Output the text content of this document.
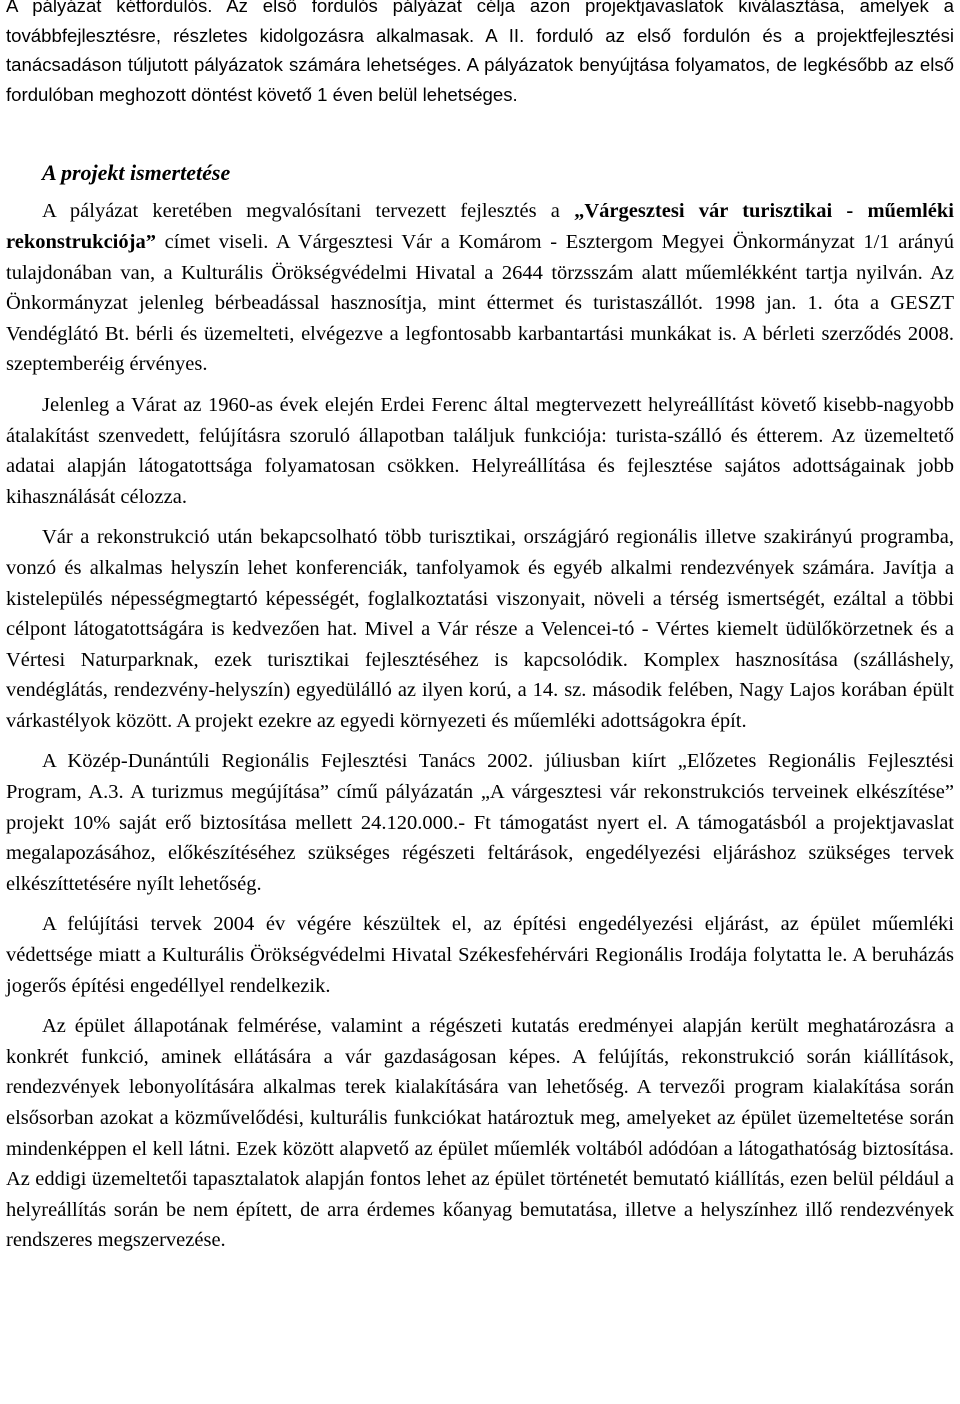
A pályázat kétfordulós. Az első fordulós pályázat célja azon projektjavaslatok kiválasztása, amelyek a továbbfejlesztésre, részletes kidolgozásra alkalmasak. A II. forduló az első fordulón és a projektfejlesztési tanácsadáson túljutott pályázatok számára lehetséges. A pályázatok benyújtása folyamatos, de legkésőbb az első fordulóban meghozott döntést követő 1 éven belül lehetséges.

A projekt ismertetése

A pályázat keretében megvalósítani tervezett fejlesztés a „Várgesztesi vár turisztikai - műemléki rekonstrukciója” címet viseli. A Várgesztesi Vár a Komárom - Esztergom Megyei Önkormányzat 1/1 arányú tulajdonában van, a Kulturális Örökségvédelmi Hivatal a 2644 törzsszám alatt műemlékként tartja nyilván. Az Önkormányzat jelenleg bérbeadással hasznosítja, mint éttermet és turistaszállót. 1998 jan. 1. óta a GESZT Vendéglátó Bt. bérli és üzemelteti, elvégezve a legfontosabb karbantartási munkákat is. A bérleti szerződés 2008. szeptemberéig érvényes.

Jelenleg a Várat az 1960-as évek elején Erdei Ferenc által megtervezett helyreállítást követő kisebb-nagyobb átalakítást szenvedett, felújításra szoruló állapotban találjuk funkciója: turista-szálló és étterem. Az üzemeltető adatai alapján látogatottsága folyamatosan csökken. Helyreállítása és fejlesztése sajátos adottságainak jobb kihasználását célozza.

Vár a rekonstrukció után bekapcsolható több turisztikai, országjáró regionális illetve szakirányú programba, vonzó és alkalmas helyszín lehet konferenciák, tanfolyamok és egyéb alkalmi rendezvények számára. Javítja a kistelepülés népességmegtartó képességét, foglalkoztatási viszonyait, növeli a térség ismertségét, ezáltal a többi célpont látogatottságára is kedvezően hat. Mivel a Vár része a Velencei-tó - Vértes kiemelt üdülőkörzetnek és a Vértesi Naturparknak, ezek turisztikai fejlesztéséhez is kapcsolódik. Komplex hasznosítása (szálláshely, vendéglátás, rendezvény-helyszín) egyedülálló az ilyen korú, a 14. sz. második felében, Nagy Lajos korában épült várkastélyok között. A projekt ezekre az egyedi környezeti és műemléki adottságokra épít.

A Közép-Dunántúli Regionális Fejlesztési Tanács 2002. júliusban kiírt „Előzetes Regionális Fejlesztési Program, A.3. A turizmus megújítása” című pályázatán „A várgesztesi vár rekonstrukciós terveinek elkészítése” projekt 10% saját erő biztosítása mellett 24.120.000.- Ft támogatást nyert el. A támogatásból a projektjavaslat megalapozásához, előkészítéséhez szükséges régészeti feltárások, engedélyezési eljáráshoz szükséges tervek elkészíttetésére nyílt lehetőség.

A felújítási tervek 2004 év végére készültek el, az építési engedélyezési eljárást, az épület műemléki védettsége miatt a Kulturális Örökségvédelmi Hivatal Székesfehérvári Regionális Irodája folytatta le. A beruházás jogerős építési engedéllyel rendelkezik.

Az épület állapotának felmérése, valamint a régészeti kutatás eredményei alapján került meghatározásra a konkrét funkció, aminek ellátására a vár gazdaságosan képes. A felújítás, rekonstrukció során kiállítások, rendezvények lebonyolítására alkalmas terek kialakítására van lehetőség. A tervezői program kialakítása során elsősorban azokat a közművelődési, kulturális funkciókat határoztuk meg, amelyeket az épület üzemeltetése során mindenképpen el kell látni. Ezek között alapvető az épület műemlék voltából adódóan a látogathatóság biztosítása. Az eddigi üzemeltetői tapasztalatok alapján fontos lehet az épület történetét bemutató kiállítás, ezen belül például a helyreállítás során be nem épített, de arra érdemes kőanyag bemutatása, illetve a helyszínhez illő rendezvények rendszeres megszervezése.
